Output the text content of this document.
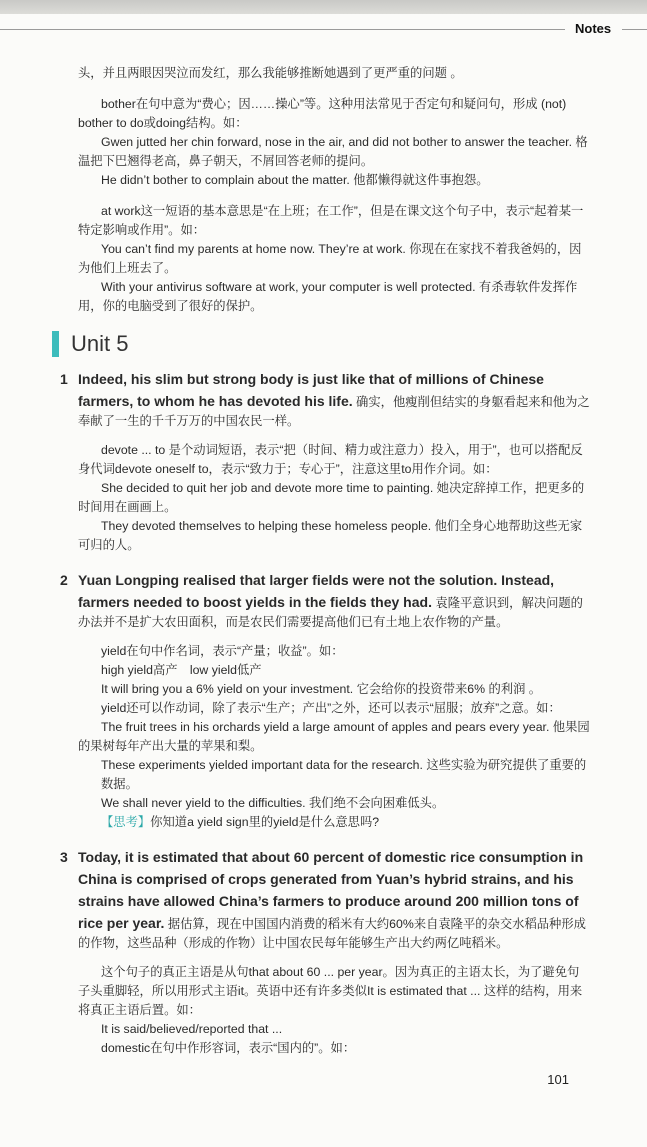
Notes

头，并且两眼因哭泣而发红，那么我能够推断她遇到了更严重的问题 。

bother在句中意为“费心；因……操心”等。这种用法常见于否定句和疑问句，形成 (not) bother to do或doing结构。如：

Gwen jutted her chin forward, nose in the air, and did not bother to answer the teacher. 格温把下巴翘得老高，鼻子朝天，不屑回答老师的提问。

He didn’t bother to complain about the matter. 他都懒得就这件事抱怨。

at work这一短语的基本意思是“在上班；在工作”，但是在课文这个句子中，表示“起着某一特定影响或作用”。如：

You can’t find my parents at home now. They’re at work. 你现在在家找不着我爸妈的，因为他们上班去了。

With your antivirus software at work, your computer is well protected. 有杀毒软件发挥作用，你的电脑受到了很好的保护。

Unit 5
1 Indeed, his slim but strong body is just like that of millions of Chinese farmers, to whom he has devoted his life. 确实，他瘦削但结实的身躯看起来和他为之奉献了一生的千千万万的中国农民一样。

devote ... to 是个动词短语，表示“把（时间、精力或注意力）投入，用于”，也可以搭配反身代词devote oneself to，表示“致力于；专心于”，注意这里to用作介词。如：

She decided to quit her job and devote more time to painting. 她决定辞掉工作，把更多的时间用在画画上。

They devoted themselves to helping these homeless people. 他们全身心地帮助这些无家可归的人。

2 Yuan Longping realised that larger fields were not the solution. Instead, farmers needed to boost yields in the fields they had. 袁隆平意识到，解决问题的办法并不是扩大农田面积，而是农民们需要提高他们已有土地上农作物的产量。

yield在句中作名词，表示“产量；收益”。如：

high yield高产　low yield低产

It will bring you a 6% yield on your investment. 它会给你的投资带来6% 的利润 。

yield还可以作动词，除了表示“生产；产出”之外，还可以表示“屈服；放弃”之意。如：

The fruit trees in his orchards yield a large amount of apples and pears every year. 他果园的果树每年产出大量的苹果和梨。

These experiments yielded important data for the research. 这些实验为研究提供了重要的数据。

We shall never yield to the difficulties. 我们绝不会向困难低头。

【思考】你知道a yield sign里的yield是什么意思吗?

3 Today, it is estimated that about 60 percent of domestic rice consumption in China is comprised of crops generated from Yuan’s hybrid strains, and his strains have allowed China’s farmers to produce around 200 million tons of rice per year. 据估算，现在中国国内消费的稻米有大约60%来自袁隆平的杂交水稻品种形成的作物，这些品种（形成的作物）让中国农民每年能够生产出大约两亿吨稻米。

这个句子的真正主语是从句that about 60 ... per year。因为真正的主语太长，为了避免句子头重脚轻，所以用形式主语it。英语中还有许多类似It is estimated that ... 这样的结构，用来将真正主语后置。如：

It is said/believed/reported that ...

domestic在句中作形容词，表示“国内的”。如：

101
